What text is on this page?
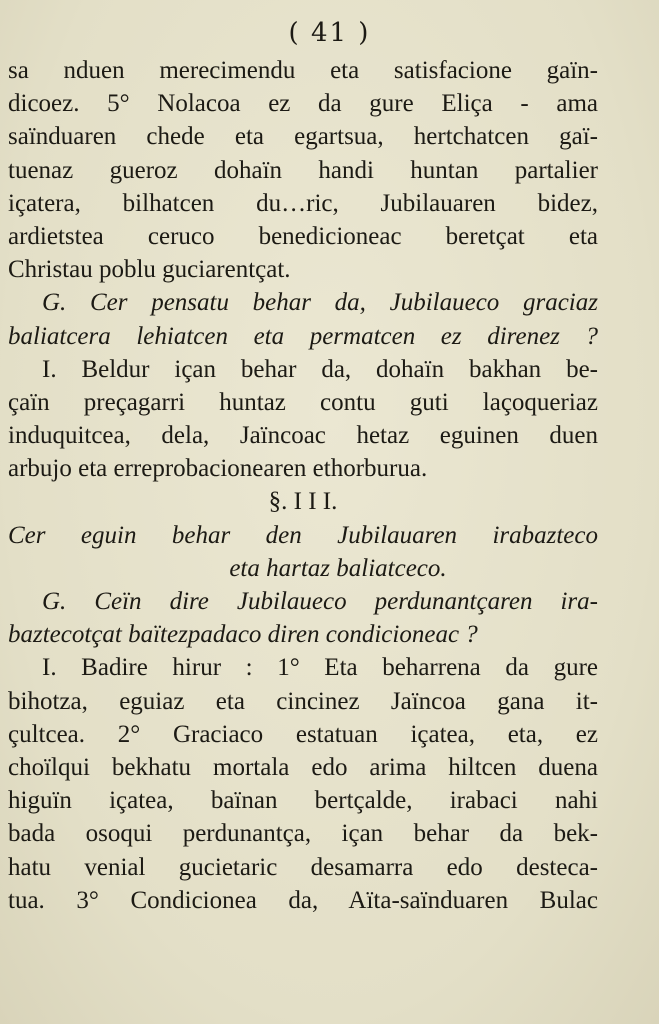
( 41 )
sa nduen merecimendu eta satisfacione gaïn-
dicoez. 5° Nolacoa ez da gure Eliça - ama
saïnduaren chede eta egartsua, hertchatcen gaï-
tuenaz gueroz dohaïn handi huntan partalier
içatera, bilhatcen du…ric, Jubilauaren bidez,
ardietstea ceruco benedicioneac beretçat eta
Christau poblu guciarentçat.
G. Cer pensatu behar da, Jubilaueco graciaz
baliatcera lehiatcen eta permatcen ez direnez ?
I. Beldur içan behar da, dohaïn bakhan be-
çaïn preçagarri huntaz contu guti laçoqueriaz
induquitcea, dela, Jaïncoac hetaz eguinen duen
arbujo eta erreprobacionearen ethorburua.
§. I I I.
Cer eguin behar den Jubilauaren irabazteco
eta hartaz baliatceco.
G. Ceïn dire Jubilaueco perdunantçaren ira-
baztecotçat baïtezpadaco diren condicioneac ?
I. Badire hirur : 1° Eta beharrena da gure
bihotza, eguiaz eta cincinez Jaïncoa gana it-
çultcea. 2° Graciaco estatuan içatea, eta, ez
choïlqui bekhatu mortala edo arima hiltcen duena
higuïn içatea, baïnan bertçalde, irabaci nahi
bada osoqui perdunantça, içan behar da bek-
hatu venial gucietaric desamarra edo desteca-
tua. 3° Condicionea da, Aïta-saïnduaren Bulac
